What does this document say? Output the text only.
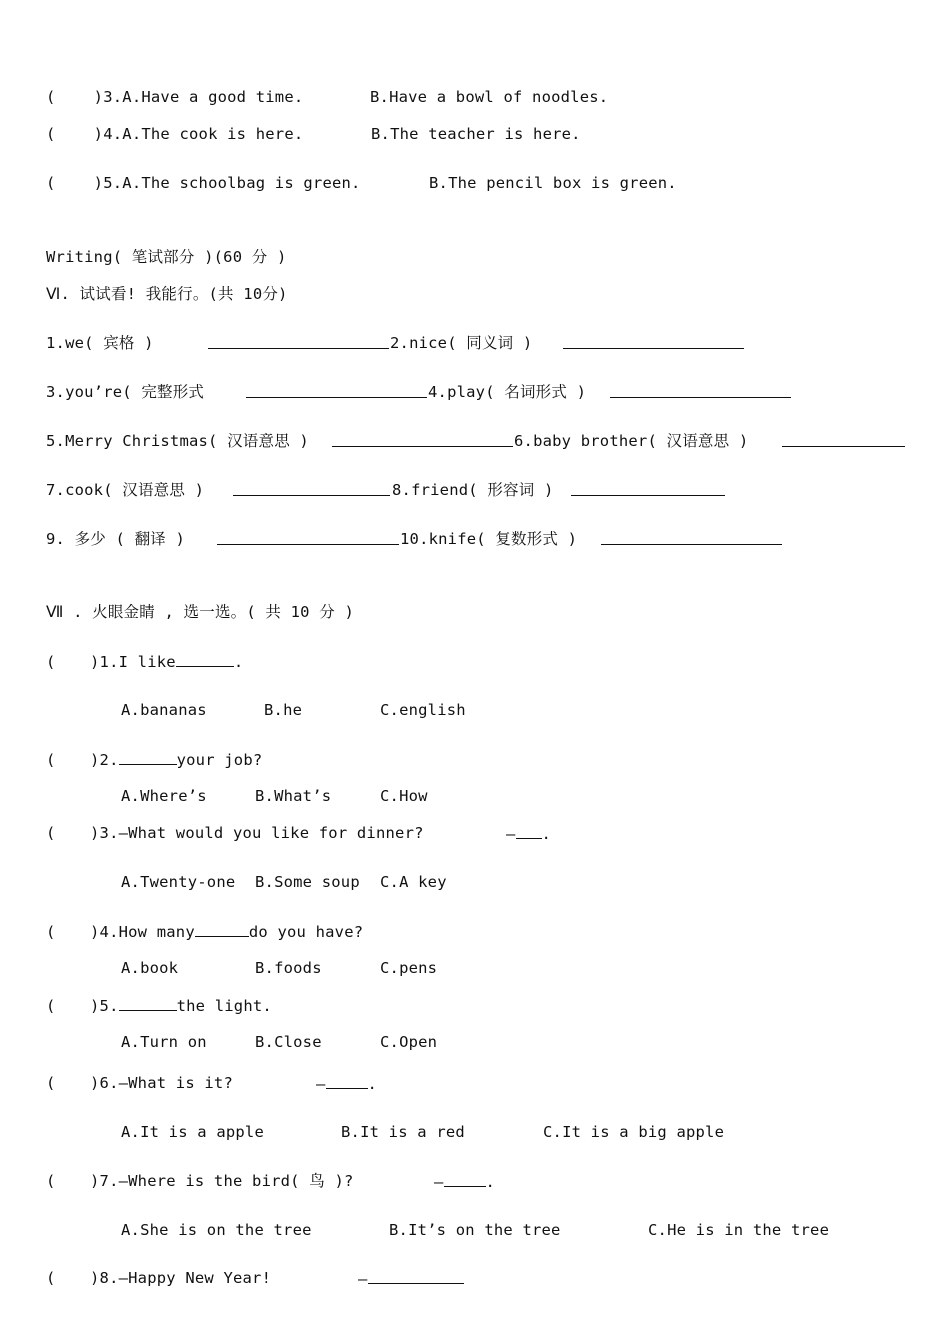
(    )3.A.Have a good time.	B.Have a bowl of noodles.
(    )4.A.The cook is here.	B.The teacher is here.
(    )5.A.The schoolbag is green.	B.The pencil box is green.
Writing( 笔试部分 )(60 分 )
Ⅵ. 试试看! 我能行。(共 10分)
1.we( 宾格 )	2.nice( 同义词 )
3.you’re( 完整形式	4.play( 名词形式 )
5.Merry Christmas( 汉语意思 )	6.baby brother( 汉语意思 )
7.cook( 汉语意思 )	8.friend( 形容词 )
9. 多少 ( 翻译 )	10.knife( 复数形式 )
Ⅶ . 火眼金睛 , 选一选。( 共 10 分 )
( )1.I like	.
A.bananas	B.he	C.english
( )2.	your job?
A.Where’s	B.What’s	C.How
( )3.—What would you like for dinner?	— .
A.Twenty-one B.Some soup C.A key
( )4.How many	do you have?
A.book	B.foods	C.pens
( )5.	the light.
A.Turn on	B.Close	C.Open
( )6.—What is it?	—	.
A.It is a apple	B.It is a red	C.It is a big apple
( )7.—Where is the bird( 鸟 )?	—	.
A.She is on the tree	B.It’s on the tree	C.He is in the tree
( )8.—Happy New Year!	—
